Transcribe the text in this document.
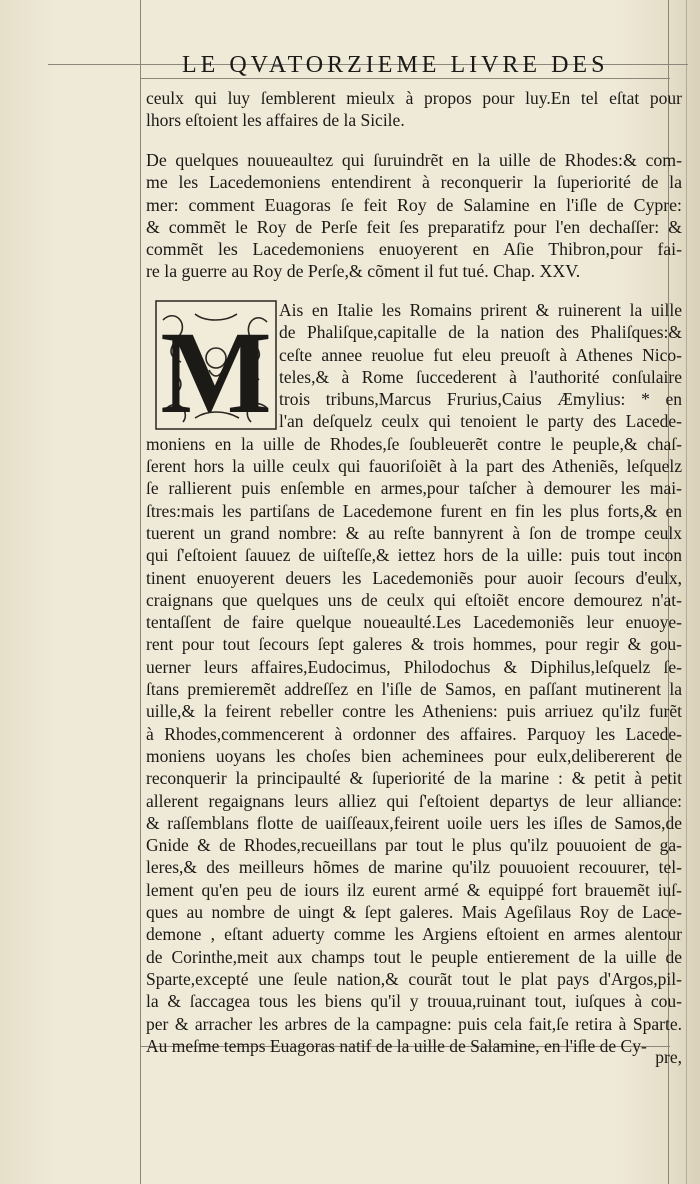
LE QVATORZIEME LIVRE DES
ceulx qui luy ſemblerent mieulx à propos pour luy.En tel eſtat pour
lhors eſtoient les affaires de la Sicile.
De quelques nouueaultez qui ſuruindrẽt en la uille de Rhodes:& com-
me les Lacedemoniens entendirent à reconquerir la ſuperiorité de la
mer: comment Euagoras ſe feit Roy de Salamine en l'iſle de Cypre:
& commẽt le Roy de Perſe feit ſes preparatifz pour l'en dechaſſer: &
commẽt les Lacedemoniens enuoyerent en Aſie Thibron,pour fai-
re la guerre au Roy de Perſe,& cõment il fut tué. Chap. XXV.
M Ais en Italie les Romains prirent & ruinerent la uille
de Phaliſque,capitalle de la nation des Phaliſques:&
ceſte annee reuolue fut eleu preuoſt à Athenes Nico-
teles,& à Rome ſuccederent à l'authorité conſulaire
trois tribuns,Marcus Frurius,Caius Æmylius: * en
l'an deſquelz ceulx qui tenoient le party des Lacede-
moniens en la uille de Rhodes,ſe ſoubleuerẽt contre le peuple,& chaſ-
ſerent hors la uille ceulx qui fauoriſoiẽt à la part des Atheniẽs, leſquelz
ſe rallierent puis enſemble en armes,pour taſcher à demourer les mai-
ſtres:mais les partiſans de Lacedemone furent en fin les plus forts,& en
tuerent un grand nombre: & au reſte bannyrent à ſon de trompe ceulx
qui ſ'eſtoient ſauuez de uiſteſſe,& iettez hors de la uille: puis tout incon
tinent enuoyerent deuers les Lacedemoniẽs pour auoir ſecours d'eulx,
craignans que quelques uns de ceulx qui eſtoiẽt encore demourez n'at-
tentaſſent de faire quelque noueaulté.Les Lacedemoniẽs leur enuoye-
rent pour tout ſecours ſept galeres & trois hommes, pour regir & gou-
uerner leurs affaires,Eudocimus, Philodochus & Diphilus,leſquelz ſe-
ſtans premieremẽt addreſſez en l'iſle de Samos, en paſſant mutinerent la
uille,& la feirent rebeller contre les Atheniens: puis arriuez qu'ilz furẽt
à Rhodes,commencerent à ordonner des affaires. Parquoy les Lacede-
moniens uoyans les choſes bien acheminees pour eulx,delibererent de
reconquerir la principaulté & ſuperiorité de la marine : & petit à petit
allerent regaignans leurs alliez qui ſ'eſtoient departys de leur alliance:
& raſſemblans flotte de uaiſſeaux,feirent uoile uers les iſles de Samos,de
Gnide & de Rhodes,recueillans par tout le plus qu'ilz pouuoient de ga-
leres,& des meilleurs hõmes de marine qu'ilz pouuoient recouurer, tel-
lement qu'en peu de iours ilz eurent armé & equippé fort brauemẽt iuſ-
ques au nombre de uingt & ſept galeres. Mais Ageſilaus Roy de Lace-
demone , eſtant aduerty comme les Argiens eſtoient en armes alentour
de Corinthe,meit aux champs tout le peuple entierement de la uille de
Sparte,excepté une ſeule nation,& courãt tout le plat pays d'Argos,pil-
la & ſaccagea tous les biens qu'il y trouua,ruinant tout, iuſques à cou-
per & arracher les arbres de la campagne: puis cela fait,ſe retira à Sparte.
Au meſme temps Euagoras natif de la uille de Salamine, en l'iſle de Cy-
pre,
